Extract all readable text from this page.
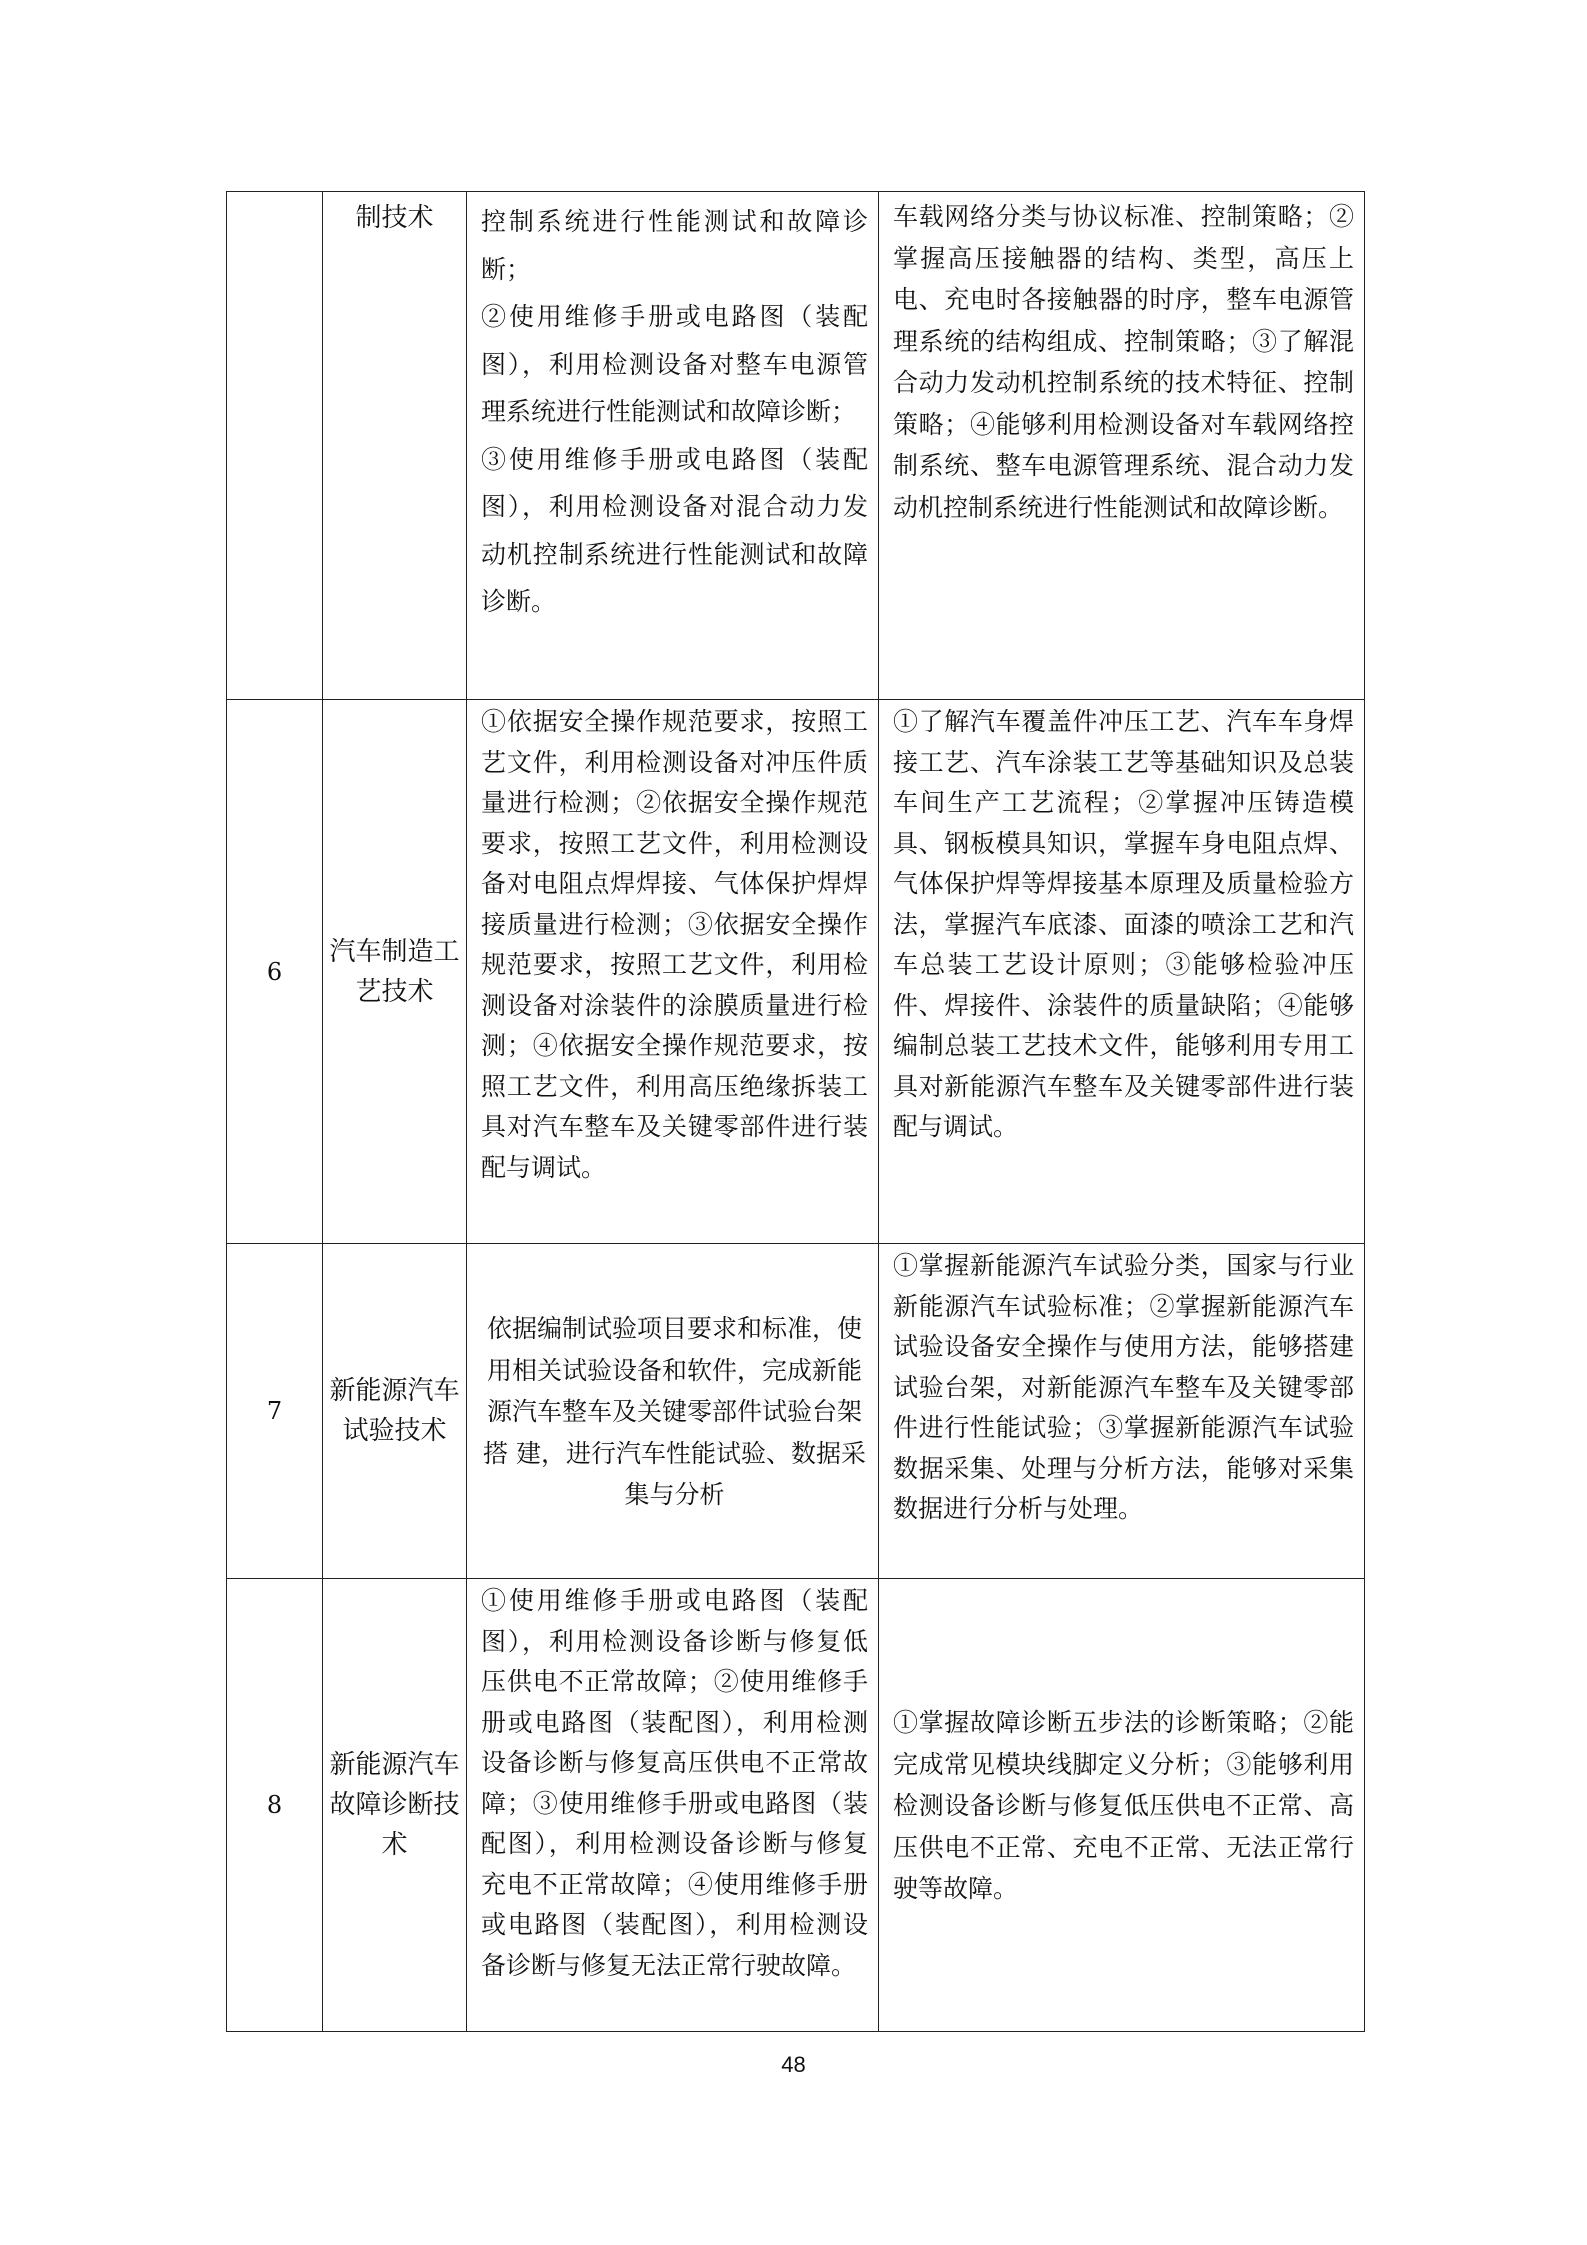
	制技术	控制系统进行性能测试和故障诊断；
②使用维修手册或电路图（装配图），利用检测设备对整车电源管理系统进行性能测试和故障诊断；
③使用维修手册或电路图（装配图），利用检测设备对混合动力发动机控制系统进行性能测试和故障诊断。	车载网络分类与协议标准、控制策略；②掌握高压接触器的结构、类型，高压上电、充电时各接触器的时序，整车电源管理系统的结构组成、控制策略；③了解混合动力发动机控制系统的技术特征、控制策略；④能够利用检测设备对车载网络控制系统、整车电源管理系统、混合动力发动机控制系统进行性能测试和故障诊断。

6	汽车制造工艺技术	①依据安全操作规范要求，按照工艺文件，利用检测设备对冲压件质量进行检测；②依据安全操作规范要求，按照工艺文件，利用检测设备对电阻点焊焊接、气体保护焊焊接质量进行检测；③依据安全操作规范要求，按照工艺文件，利用检测设备对涂装件的涂膜质量进行检测；④依据安全操作规范要求，按照工艺文件，利用高压绝缘拆装工具对汽车整车及关键零部件进行装配与调试。	①了解汽车覆盖件冲压工艺、汽车车身焊接工艺、汽车涂装工艺等基础知识及总装车间生产工艺流程；②掌握冲压铸造模具、钢板模具知识，掌握车身电阻点焊、气体保护焊等焊接基本原理及质量检验方法，掌握汽车底漆、面漆的喷涂工艺和汽车总装工艺设计原则；③能够检验冲压件、焊接件、涂装件的质量缺陷；④能够编制总装工艺技术文件，能够利用专用工具对新能源汽车整车及关键零部件进行装配与调试。

7	新能源汽车试验技术	依据编制试验项目要求和标准，使 用相关试验设备和软件，完成新能源汽车整车及关键零部件试验台架搭 建，进行汽车性能试验、数据采集与分析	①掌握新能源汽车试验分类，国家与行业新能源汽车试验标准；②掌握新能源汽车试验设备安全操作与使用方法，能够搭建试验台架，对新能源汽车整车及关键零部件进行性能试验；③掌握新能源汽车试验数据采集、处理与分析方法，能够对采集数据进行分析与处理。

8	新能源汽车故障诊断技术	①使用维修手册或电路图（装配图），利用检测设备诊断与修复低压供电不正常故障；②使用维修手册或电路图（装配图），利用检测设备诊断与修复高压供电不正常故障；③使用维修手册或电路图（装配图），利用检测设备诊断与修复充电不正常故障；④使用维修手册或电路图（装配图），利用检测设备诊断与修复无法正常行驶故障。	①掌握故障诊断五步法的诊断策略；②能完成常见模块线脚定义分析；③能够利用检测设备诊断与修复低压供电不正常、高压供电不正常、充电不正常、无法正常行驶等故障。
48
